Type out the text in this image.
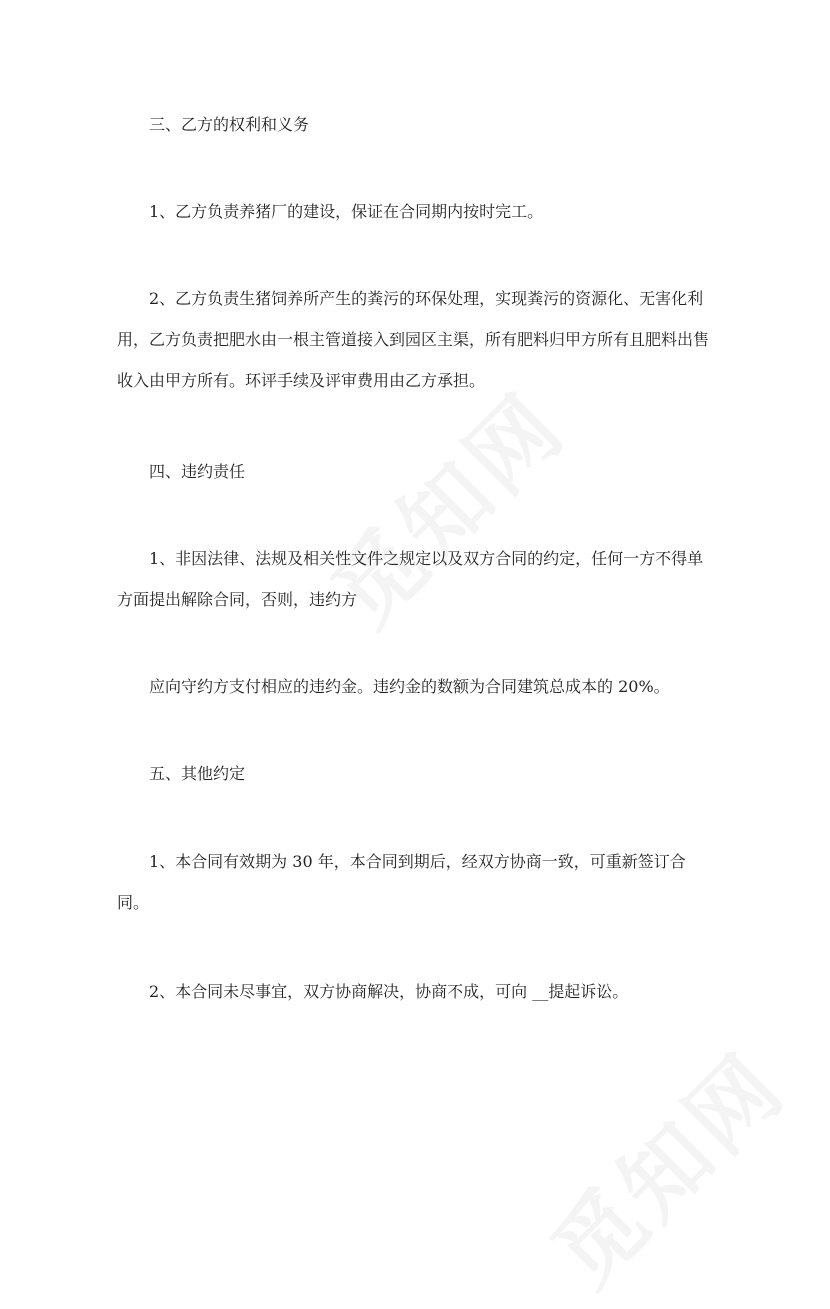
三、乙方的权利和义务

1、乙方负责养猪厂的建设，保证在合同期内按时完工。

2、乙方负责生猪饲养所产生的粪污的环保处理，实现粪污的资源化、无害化利用，乙方负责把肥水由一根主管道接入到园区主渠，所有肥料归甲方所有且肥料出售收入由甲方所有。环评手续及评审费用由乙方承担。

四、违约责任

1、非因法律、法规及相关性文件之规定以及双方合同的约定，任何一方不得单方面提出解除合同，否则，违约方

应向守约方支付相应的违约金。违约金的数额为合同建筑总成本的 20%。

五、其他约定

1、本合同有效期为 30 年，本合同到期后，经双方协商一致，可重新签订合同。

2、本合同未尽事宜，双方协商解决，协商不成，可向 __提起诉讼。
